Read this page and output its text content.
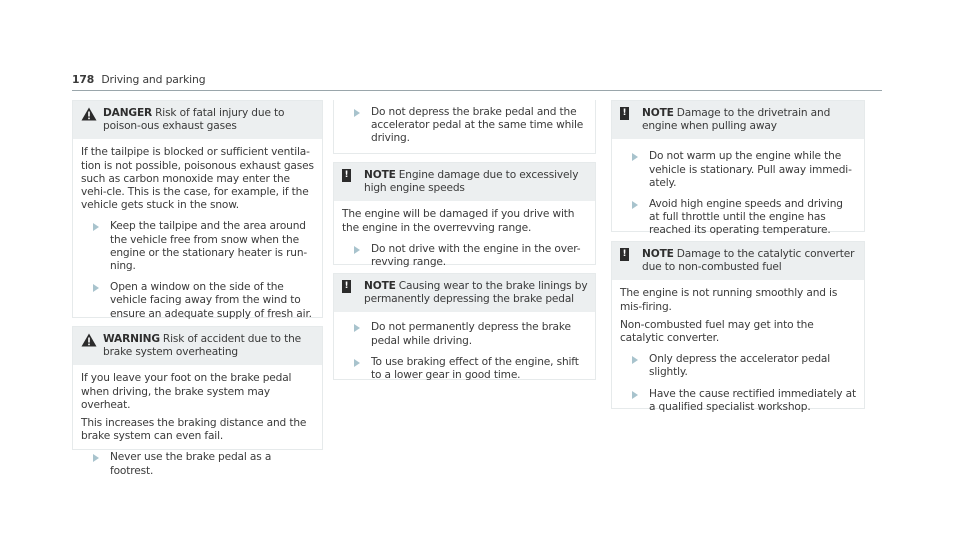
178 Driving and parking
DANGER Risk of fatal injury due to poison-ous exhaust gases

If the tailpipe is blocked or sufficient ventila-tion is not possible, poisonous exhaust gases such as carbon monoxide may enter the vehi-cle. This is the case, for example, if the vehicle gets stuck in the snow.

Keep the tailpipe and the area around the vehicle free from snow when the engine or the stationary heater is run-ning.
Open a window on the side of the vehicle facing away from the wind to ensure an adequate supply of fresh air.
WARNING Risk of accident due to the brake system overheating

If you leave your foot on the brake pedal when driving, the brake system may overheat.

This increases the braking distance and the brake system can even fail.

Never use the brake pedal as a footrest.
Do not depress the brake pedal and the accelerator pedal at the same time while driving.
! NOTE Engine damage due to excessively high engine speeds

The engine will be damaged if you drive with the engine in the overrevving range.

Do not drive with the engine in the over-revving range.
! NOTE Causing wear to the brake linings by permanently depressing the brake pedal
Do not permanently depress the brake pedal while driving.
To use braking effect of the engine, shift to a lower gear in good time.
! NOTE Damage to the drivetrain and engine when pulling away
Do not warm up the engine while the vehicle is stationary. Pull away immedi-ately.
Avoid high engine speeds and driving at full throttle until the engine has reached its operating temperature.
! NOTE Damage to the catalytic converter due to non-combusted fuel

The engine is not running smoothly and is mis-firing.

Non-combusted fuel may get into the catalytic converter.

Only depress the accelerator pedal slightly.
Have the cause rectified immediately at a qualified specialist workshop.
